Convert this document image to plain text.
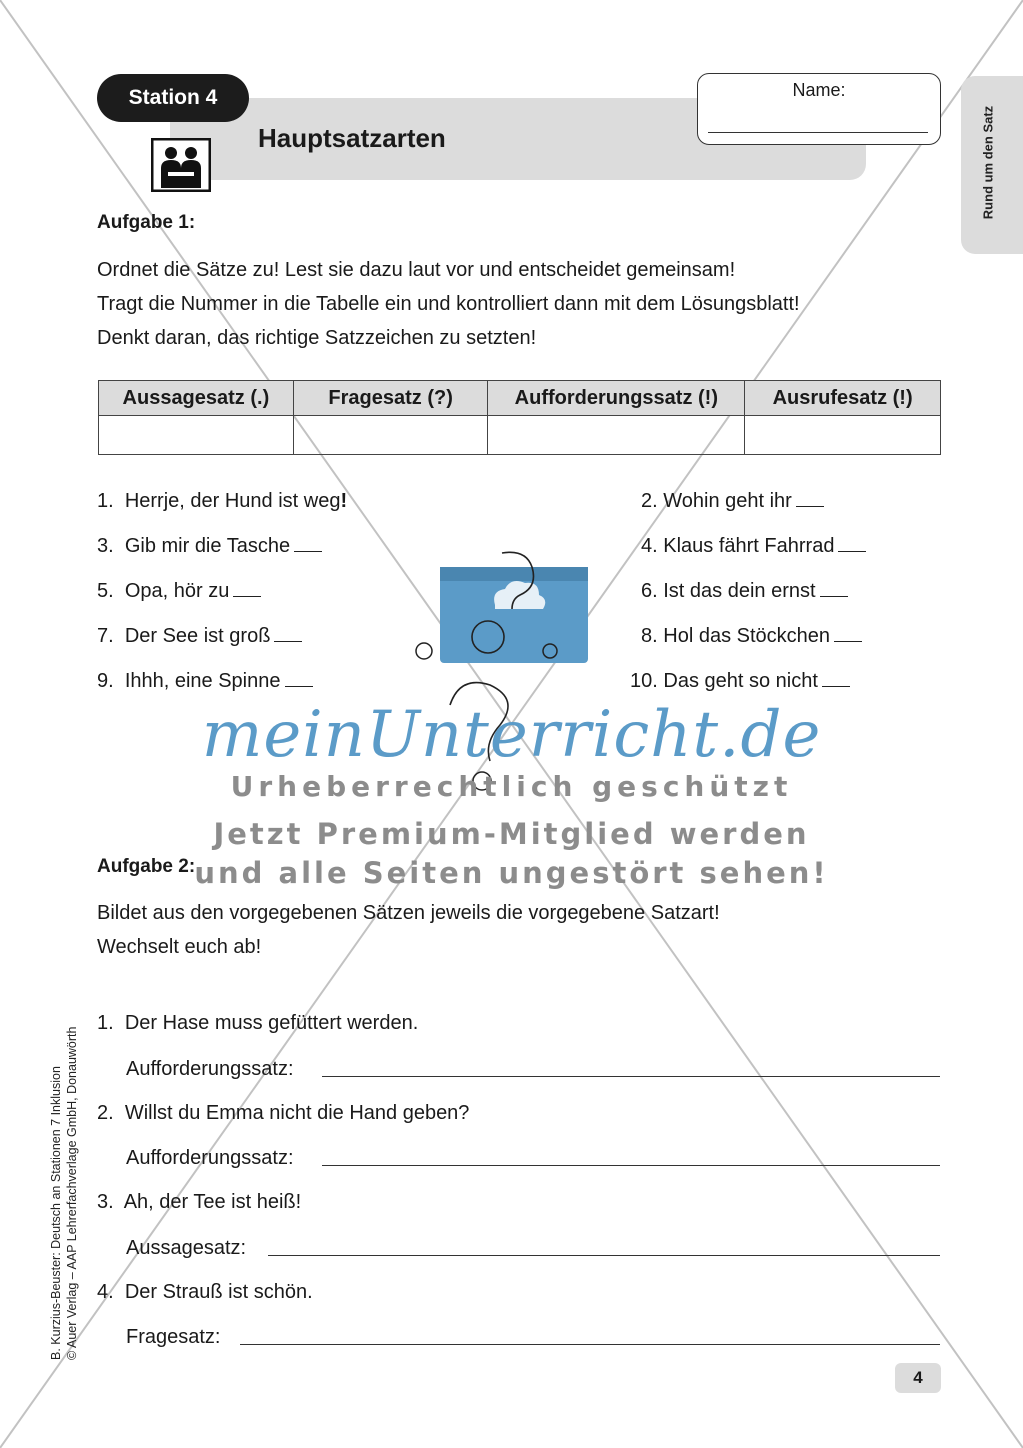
Station 4
Hauptsatzarten
Name:
Rund um den Satz
Aufgabe 1:
Ordnet die Sätze zu! Lest sie dazu laut vor und entscheidet gemeinsam!
Tragt die Nummer in die Tabelle ein und kontrolliert dann mit dem Lösungsblatt!
Denkt daran, das richtige Satzzeichen zu setzten!
Aussagesatz (.)	Fragesatz (?)	Aufforderungssatz (!)	Ausrufesatz (!)

1. Herrje, der Hund ist weg!
3. Gib mir die Tasche
5. Opa, hör zu
7. Der See ist groß
9. Ihhh, eine Spinne
2. Wohin geht ihr
4. Klaus fährt Fahrrad
6. Ist das dein ernst
8. Hol das Stöckchen
10. Das geht so nicht
meinUnterricht.de
Urheberrechtlich geschützt
Jetzt Premium-Mitglied werden
und alle Seiten ungestört sehen!
Aufgabe 2:
Bildet aus den vorgegebenen Sätzen jeweils die vorgegebene Satzart!
Wechselt euch ab!
1. Der Hase muss gefüttert werden.
Aufforderungssatz:
2. Willst du Emma nicht die Hand geben?
Aufforderungssatz:
3. Ah, der Tee ist heiß!
Aussagesatz:
4. Der Strauß ist schön.
Fragesatz:
4
B. Kurzius-Beuster: Deutsch an Stationen 7 Inklusion © Auer Verlag – AAP Lehrerfachverlage GmbH, Donauwörth
